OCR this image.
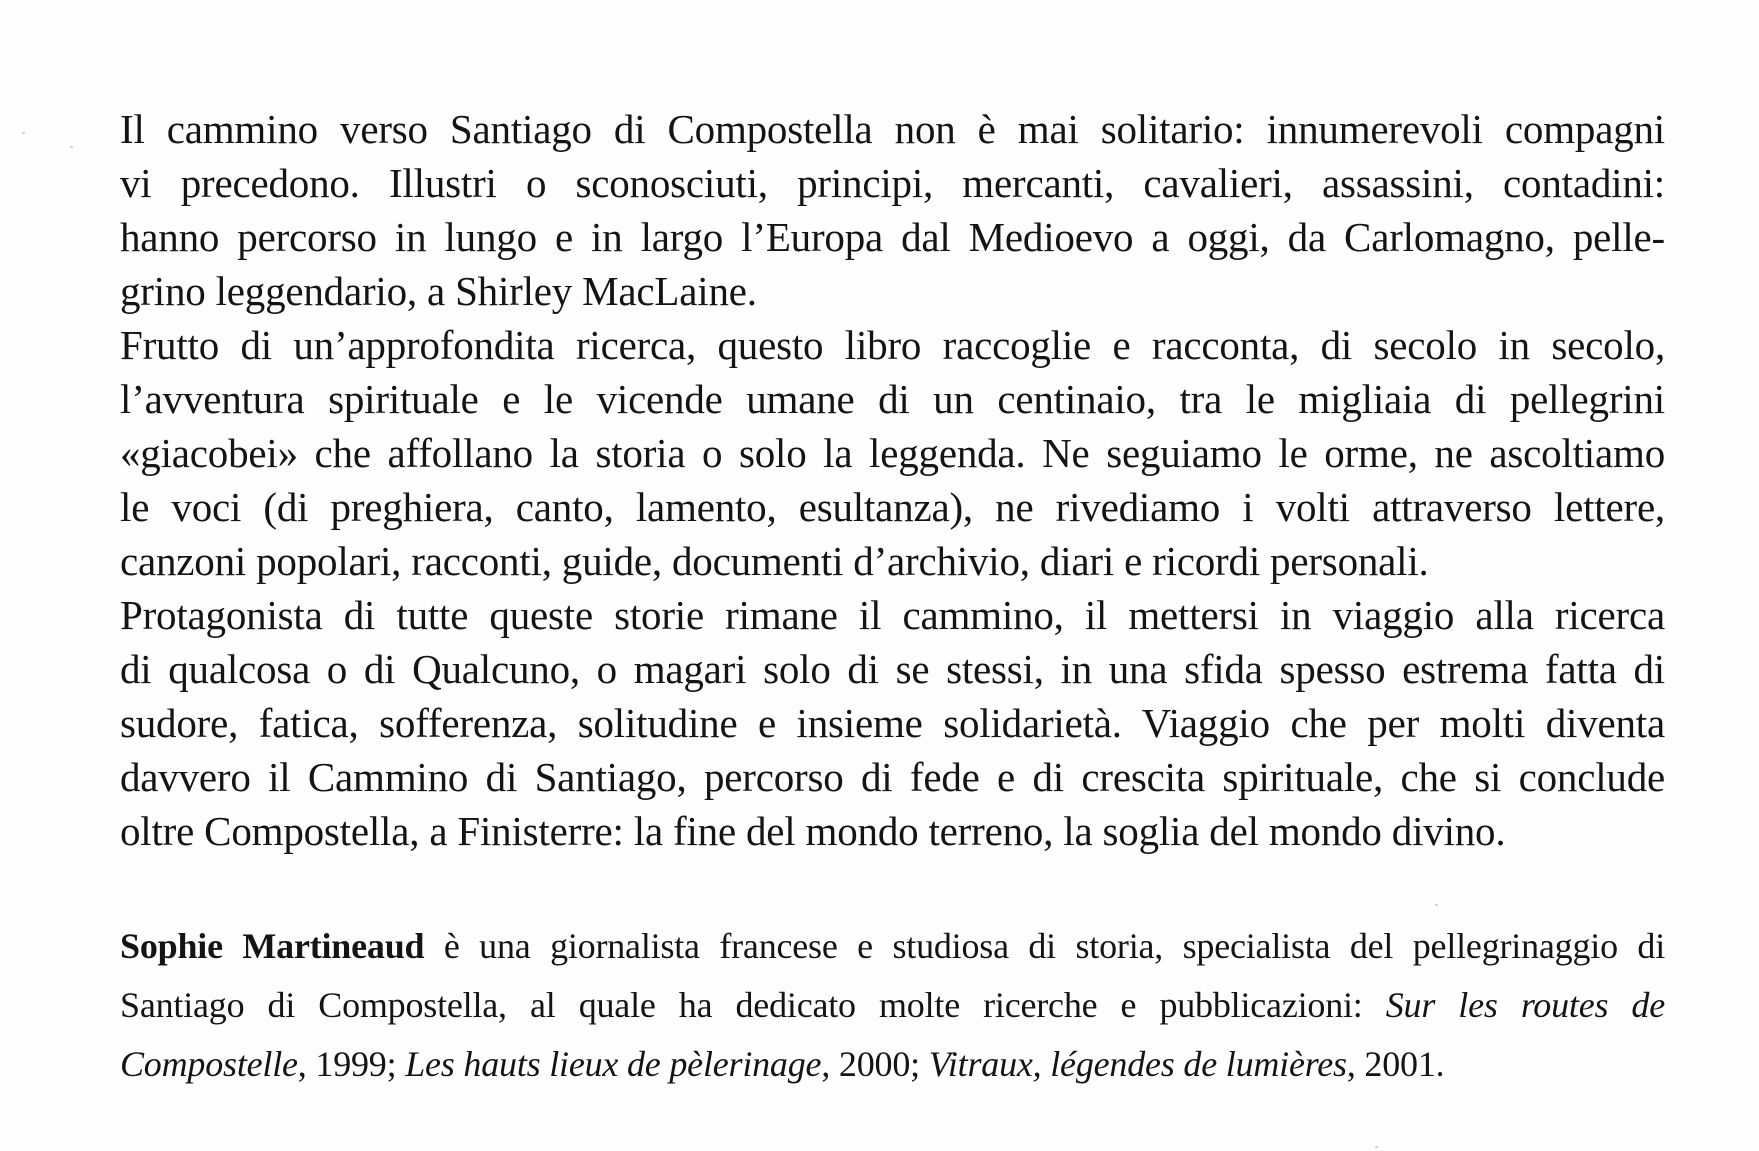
Il cammino verso Santiago di Compostella non è mai solitario: innumerevoli compagni
vi precedono. Illustri o sconosciuti, principi, mercanti, cavalieri, assassini, contadini:
hanno percorso in lungo e in largo l’Europa dal Medioevo a oggi, da Carlomagno, pelle-
grino leggendario, a Shirley MacLaine.
Frutto di un’approfondita ricerca, questo libro raccoglie e racconta, di secolo in secolo,
l’avventura spirituale e le vicende umane di un centinaio, tra le migliaia di pellegrini
«giacobei» che affollano la storia o solo la leggenda. Ne seguiamo le orme, ne ascoltiamo
le voci (di preghiera, canto, lamento, esultanza), ne rivediamo i volti attraverso lettere,
canzoni popolari, racconti, guide, documenti d’archivio, diari e ricordi personali.
Protagonista di tutte queste storie rimane il cammino, il mettersi in viaggio alla ricerca
di qualcosa o di Qualcuno, o magari solo di se stessi, in una sfida spesso estrema fatta di
sudore, fatica, sofferenza, solitudine e insieme solidarietà. Viaggio che per molti diventa
davvero il Cammino di Santiago, percorso di fede e di crescita spirituale, che si conclude
oltre Compostella, a Finisterre: la fine del mondo terreno, la soglia del mondo divino.
Sophie Martineaud è una giornalista francese e studiosa di storia, specialista del pellegrinaggio di
Santiago di Compostella, al quale ha dedicato molte ricerche e pubblicazioni: Sur les routes de
Compostelle, 1999; Les hauts lieux de pèlerinage, 2000; Vitraux, légendes de lumières, 2001.
